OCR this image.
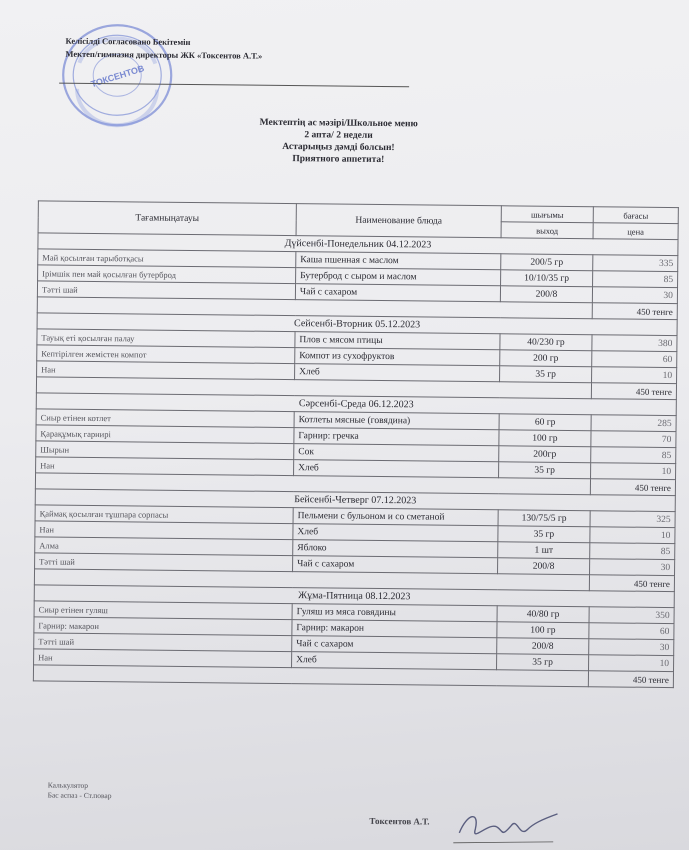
ТОКСЕНТОВ
Келісілді Согласовано Бекітемін
Мектеп/гимназия директоры ЖК «Токсентов А.Т.»
Мектептің ас мәзірі/Школьное меню
2 апта/ 2 недели
Астарыңыз дәмді болсын!
Приятного аппетита!
Тағамныңатауы	Наименование блюда	шығымы	бағасы
		выход	цена
Дүйсенбі-Понедельник 04.12.2023			
Май қосылған тарыботқасы	Каша пшенная с маслом	200/5 гр	335
Ірімшік пен май қосылған бутерброд	Бутерброд с сыром и маслом	10/10/35 гр	85
Тәтті шай	Чай с сахаром	200/8	30
			450 тенге
Сейсенбі-Вторник 05.12.2023			
Тауық еті қосылған палау	Плов с мясом птицы	40/230 гр	380
Кептірілген жемістен компот	Компот из сухофруктов	200 гр	60
Нан	Хлеб	35 гр	10
			450 тенге
Сәрсенбі-Среда 06.12.2023			
Сиыр етінен котлет	Котлеты мясные (говядина)	60 гр	285
Қарақұмық гарнирі	Гарнир: гречка	100 гр	70
Шырын	Сок	200гр	85
Нан	Хлеб	35 гр	10
			450 тенге
Бейсенбі-Четверг 07.12.2023			
Қаймақ қосылған тұшпара сорпасы	Пельмени с бульоном и со сметаной	130/75/5 гр	325
Нан	Хлеб	35 гр	10
Алма	Яблоко	1 шт	85
Тәтті шай	Чай с сахаром	200/8	30
			450 тенге
Жұма-Пятница 08.12.2023			
Сиыр етінен гуляш	Гуляш из мяса говядины	40/80 гр	350
Гарнир: макарон	Гарнир: макарон	100 гр	60
Тәтті шай	Чай с сахаром	200/8	30
Нан	Хлеб	35 гр	10
			450 тенге
Калькулятор
Бас аспаз - Ст.повар
Токсентов А.Т.
